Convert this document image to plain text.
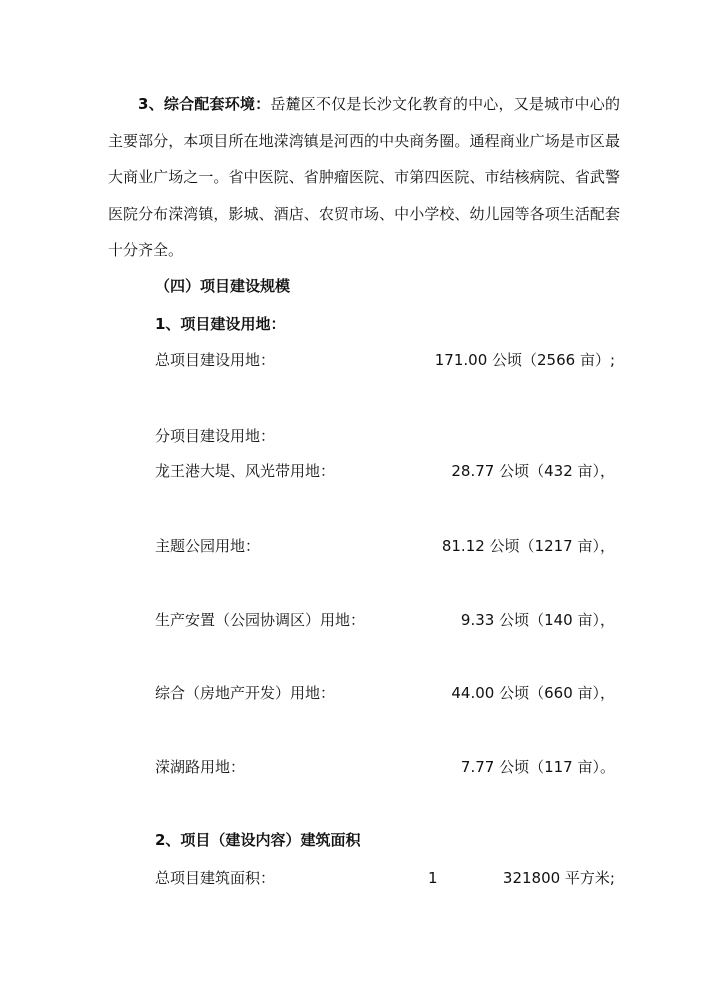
3、综合配套环境：岳麓区不仅是长沙文化教育的中心，又是城市中心的主要部分，本项目所在地溁湾镇是河西的中央商务圈。通程商业广场是市区最大商业广场之一。省中医院、省肿瘤医院、市第四医院、市结核病院、省武警医院分布溁湾镇，影城、酒店、农贸市场、中小学校、幼儿园等各项生活配套十分齐全。

（四）项目建设规模
1、项目建设用地：
总项目建设用地：	171.00 公顷（2566 亩）;
分项目建设用地：
龙王港大堤、风光带用地：	28.77 公顷（432 亩），
主题公园用地：	81.12 公顷（1217 亩），
生产安置（公园协调区）用地：	9.33 公顷（140 亩），
综合（房地产开发）用地：	44.00 公顷（660 亩），
溁湖路用地：	7.77 公顷（117 亩）。
2、项目（建设内容）建筑面积
总项目建筑面积：	1	321800 平方米;
